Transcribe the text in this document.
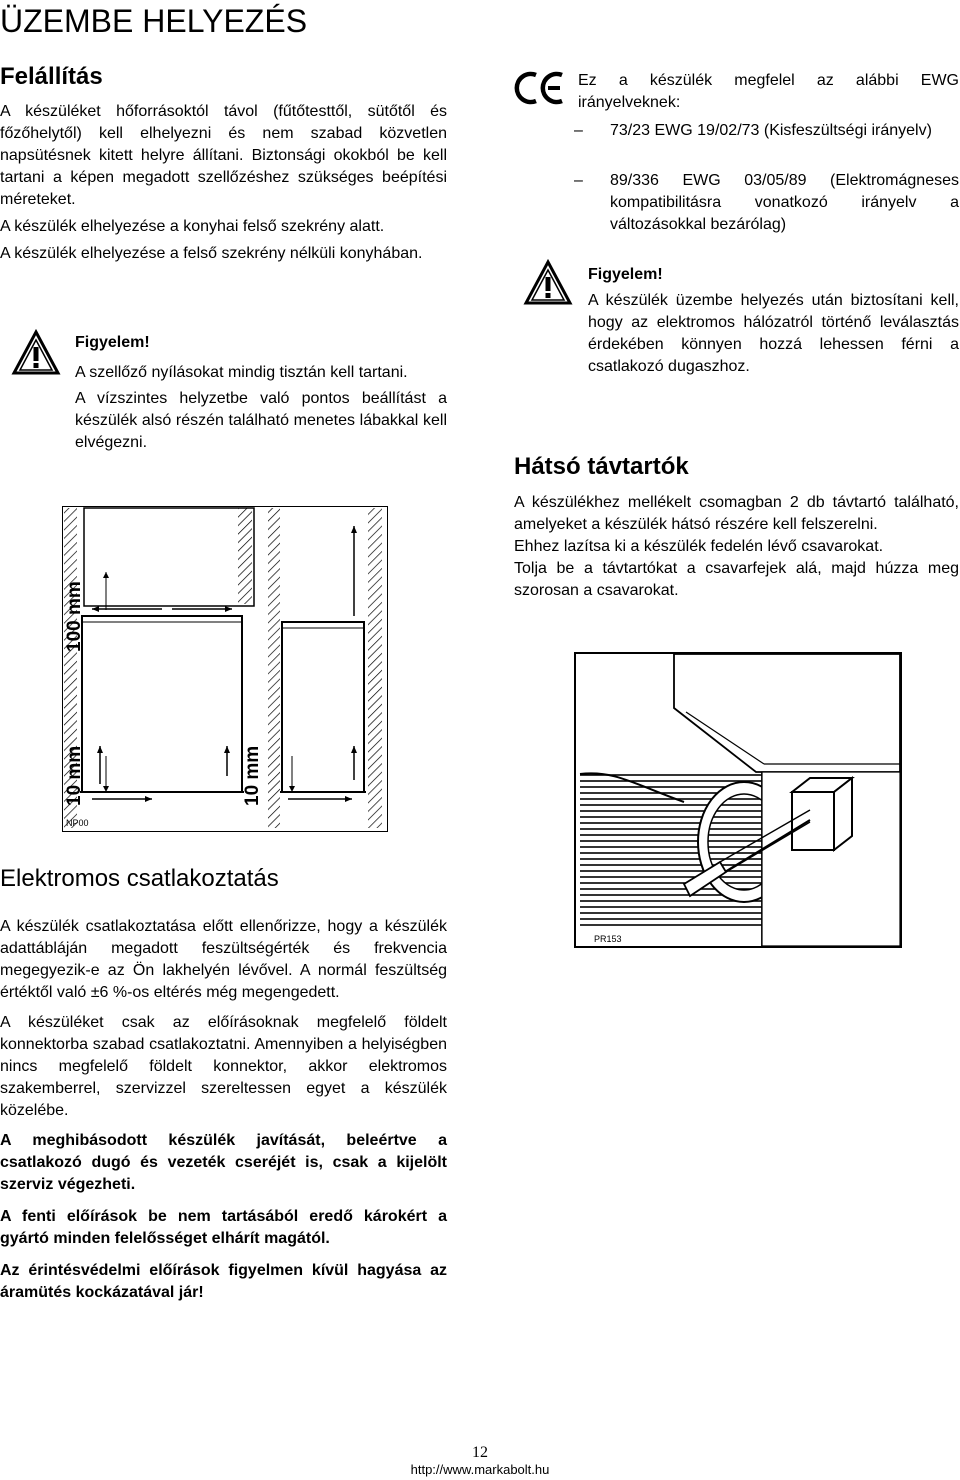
ÜZEMBE HELYEZÉS
Felállítás

A készüléket hőforrásoktól távol (fűtőtesttől, sütőtől és főzőhelytől) kell elhelyezni és nem szabad közvetlen napsütésnek kitett helyre állítani. Biztonsági okokból be kell tartani a képen megadott szellőzéshez szükséges beépítési méreteket.

A készülék elhelyezése a konyhai felső szekrény alatt.

A készülék elhelyezése a felső szekrény nélküli konyhában.

Figyelem!

A szellőző nyílásokat mindig tisztán kell tartani.

A vízszintes helyzetbe való pontos beállítást a készülék alsó részén található menetes lábakkal kell elvégezni.

100 mm
10 mm	10 mm
NP00
Elektromos csatlakoztatás

A készülék csatlakoztatása előtt ellenőrizze, hogy a készülék adattábláján megadott feszültségérték és frekvencia megegyezik-e az Ön lakhelyén lévővel. A normál feszültség értéktől való ±6 %-os eltérés még megengedett.

A készüléket csak az előírásoknak megfelelő földelt konnektorba szabad csatlakoztatni. Amennyiben a helyiségben nincs megfelelő földelt konnektor, akkor elektromos szakemberrel, szervizzel szereltessen egyet a készülék közelébe.

A meghibásodott készülék javítását, beleértve a csatlakozó dugó és vezeték cseréjét is, csak a kijelölt szerviz végezheti.

A fenti előírások be nem tartásából eredő károkért a gyártó minden felelősséget elhárít magától.

Az érintésvédelmi előírások figyelmen kívül hagyása az áramütés kockázatával jár!

Ez a készülék megfelel az alábbi EWG irányelveknek:
– 73/23 EWG 19/02/73 (Kisfeszültségi irányelv)
– 89/336 EWG 03/05/89 (Elektromágneses kompatibilitásra vonatkozó irányelv a változásokkal bezárólag)

Figyelem!

A készülék üzembe helyezés után biztosítani kell, hogy az elektromos hálózatról történő leválasztás érdekében könnyen hozzá lehessen férni a csatlakozó dugaszhoz.

Hátsó távtartók

A készülékhez mellékelt csomagban 2 db távtartó található, amelyeket a készülék hátsó részére kell felszerelni.

Ehhez lazítsa ki a készülék fedelén lévő csavarokat.

Tolja be a távtartókat a csavarfejek alá, majd húzza meg szorosan a csavarokat.

PR153
12
http://www.markabolt.hu
